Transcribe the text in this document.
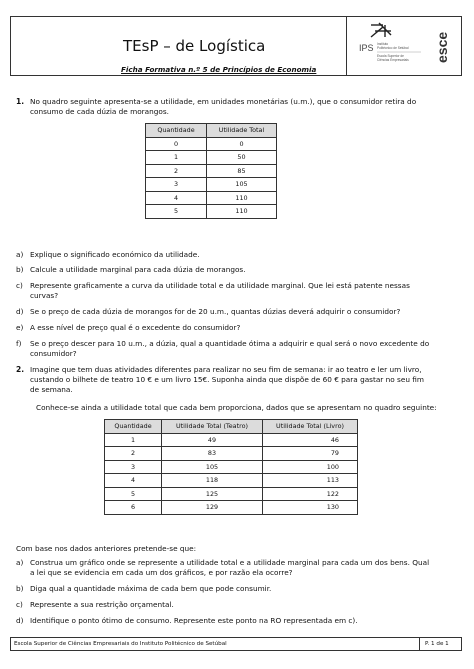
TEsP – de Logística
Ficha Formativa n.º 5 de Princípios de Economia
IPS Instituto
Politécnico de Setúbal
Escola Superior de
Ciências Empresariais esce
1. No quadro seguinte apresenta-se a utilidade, em unidades monetárias (u.m.), que o consumidor retira do
consumo de cada dúzia de morangos.
Quantidade	Utilidade Total
0	0
1	50
2	85
3	105
4	110
5	110
a) Explique o significado económico da utilidade.
b) Calcule a utilidade marginal para cada dúzia de morangos.
c) Represente graficamente a curva da utilidade total e da utilidade marginal. Que lei está patente nessas
curvas?
d) Se o preço de cada dúzia de morangos for de 20 u.m., quantas dúzias deverá adquirir o consumidor?
e) A esse nível de preço qual é o excedente do consumidor?
f) Se o preço descer para 10 u.m., a dúzia, qual a quantidade ótima a adquirir e qual será o novo excedente do
consumidor?
2. Imagine que tem duas atividades diferentes para realizar no seu fim de semana: ir ao teatro e ler um livro,
custando o bilhete de teatro 10 € e um livro 15€. Suponha ainda que dispõe de 60 € para gastar no seu fim
de semana.
Conhece-se ainda a utilidade total que cada bem proporciona, dados que se apresentam no quadro seguinte:
Quantidade	Utilidade Total (Teatro)	Utilidade Total (Livro)
1	49	46
2	83	79
3	105	100
4	118	113
5	125	122
6	129	130
Com base nos dados anteriores pretende-se que:
a) Construa um gráfico onde se represente a utilidade total e a utilidade marginal para cada um dos bens. Qual
a lei que se evidencia em cada um dos gráficos, e por razão ela ocorre?
b) Diga qual a quantidade máxima de cada bem que pode consumir.
c) Represente a sua restrição orçamental.
d) Identifique o ponto ótimo de consumo. Represente este ponto na RO representada em c).
Escola Superior de Ciências Empresariais do Instituto Politécnico de Setúbal	P. 1 de 1
